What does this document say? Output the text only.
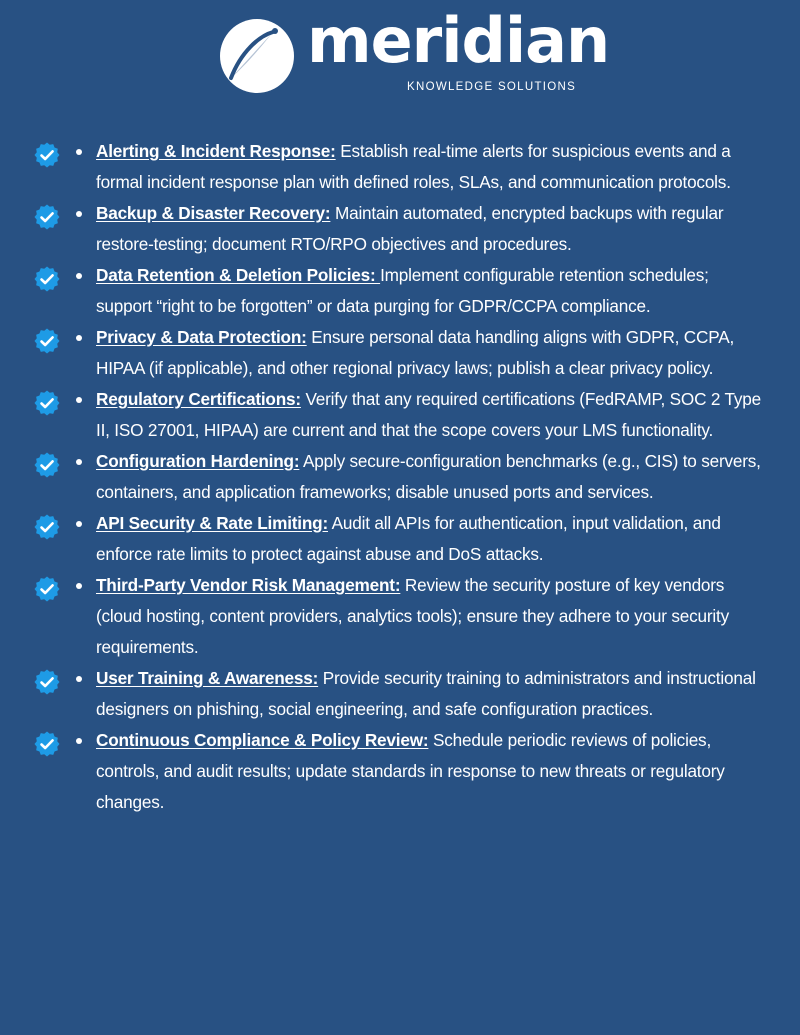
meridian
KNOWLEDGE SOLUTIONS
Alerting & Incident Response: Establish real-time alerts for suspicious events and a formal incident response plan with defined roles, SLAs, and communication protocols.
Backup & Disaster Recovery: Maintain automated, encrypted backups with regular restore-testing; document RTO/RPO objectives and procedures.
Data Retention & Deletion Policies: Implement configurable retention schedules; support “right to be forgotten” or data purging for GDPR/CCPA compliance.
Privacy & Data Protection: Ensure personal data handling aligns with GDPR, CCPA, HIPAA (if applicable), and other regional privacy laws; publish a clear privacy policy.
Regulatory Certifications: Verify that any required certifications (FedRAMP, SOC 2 Type II, ISO 27001, HIPAA) are current and that the scope covers your LMS functionality.
Configuration Hardening: Apply secure-configuration benchmarks (e.g., CIS) to servers, containers, and application frameworks; disable unused ports and services.
API Security & Rate Limiting: Audit all APIs for authentication, input validation, and enforce rate limits to protect against abuse and DoS attacks.
Third-Party Vendor Risk Management: Review the security posture of key vendors (cloud hosting, content providers, analytics tools); ensure they adhere to your security requirements.
User Training & Awareness: Provide security training to administrators and instructional designers on phishing, social engineering, and safe configuration practices.
Continuous Compliance & Policy Review: Schedule periodic reviews of policies, controls, and audit results; update standards in response to new threats or regulatory changes.
